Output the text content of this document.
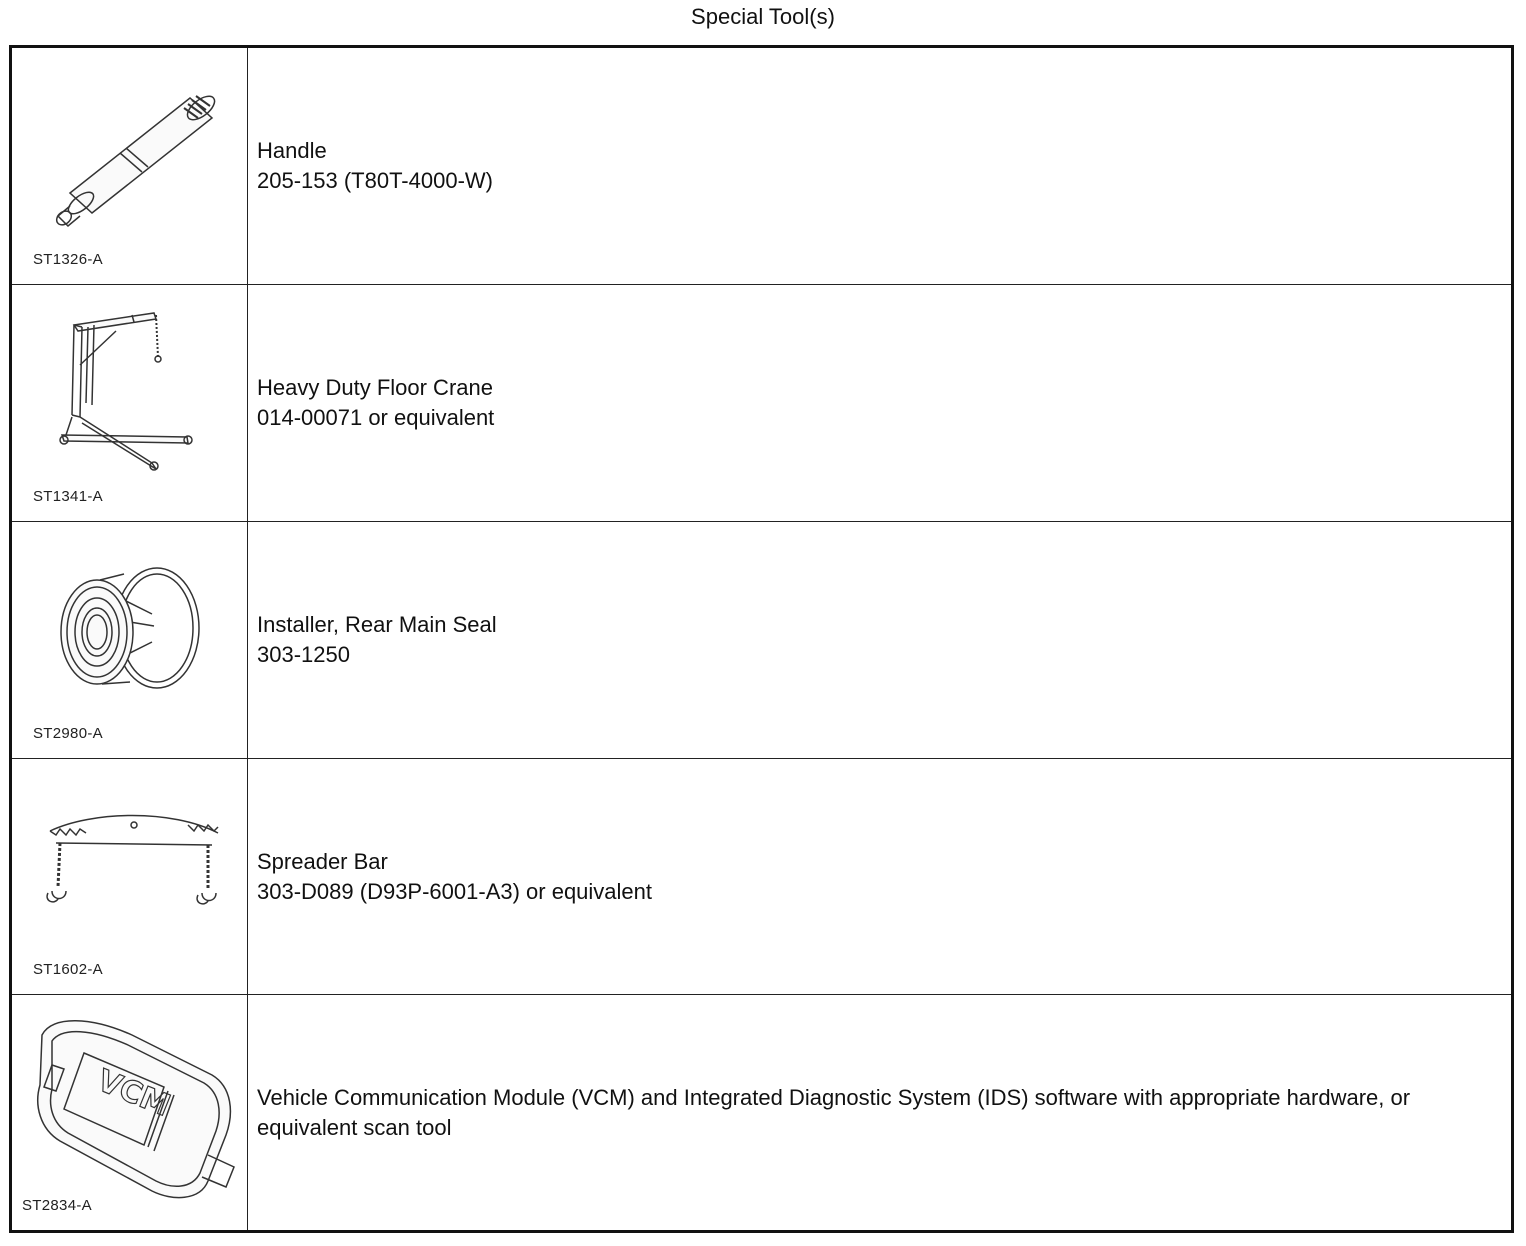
Special Tool(s)
ST1326-A
Handle
205-153 (T80T-4000-W)
ST1341-A
Heavy Duty Floor Crane
014-00071 or equivalent
ST2980-A
Installer, Rear Main Seal
303-1250
ST1602-A
Spreader Bar
303-D089 (D93P-6001-A3) or equivalent
VCM
ST2834-A
Vehicle Communication Module (VCM) and Integrated Diagnostic System (IDS) software with appropriate hardware, or equivalent scan tool
